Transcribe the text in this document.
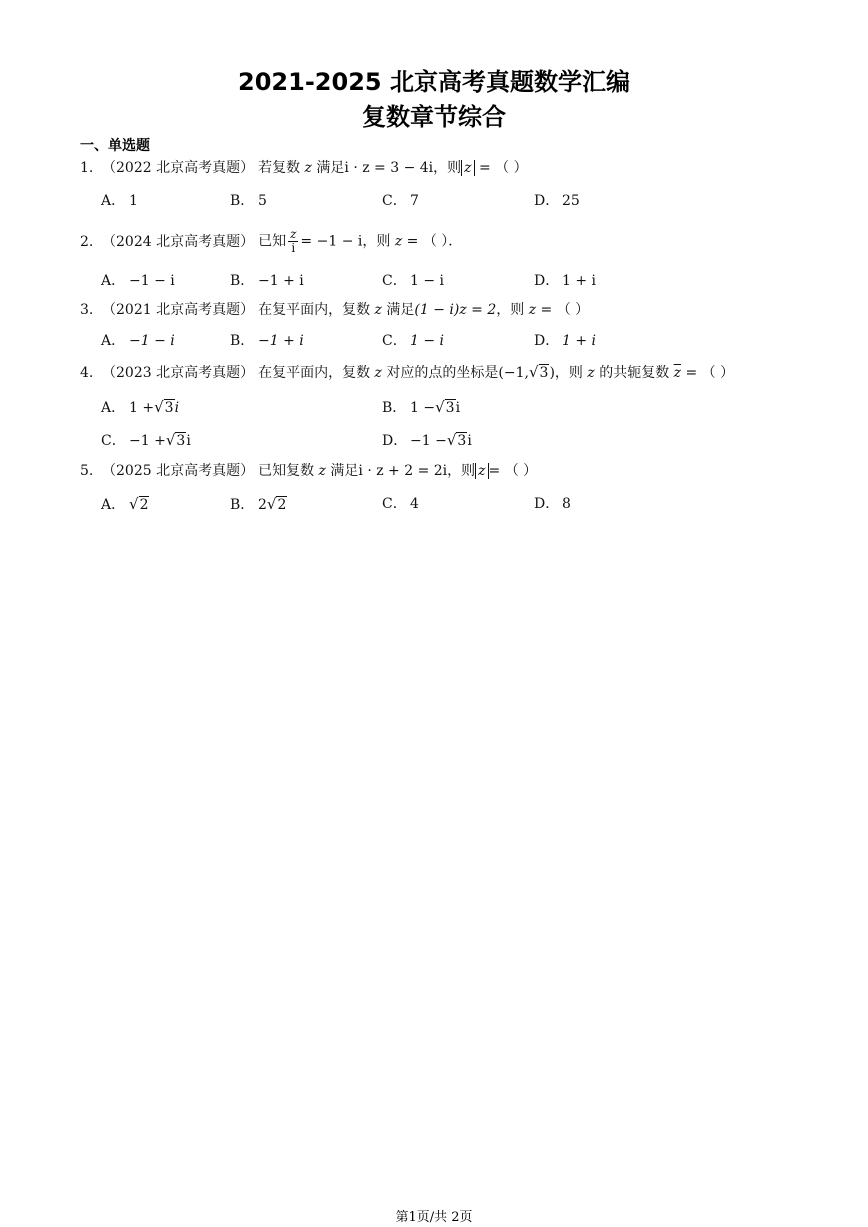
2021-2025 北京高考真题数学汇编
复数章节综合
一、单选题
1. （2022 北京高考真题） 若复数 z 满足i · z = 3 − 4i，则 z = （ ）
A． 1	B． 5	C． 7	D． 25
2. （2024 北京高考真题） 已知 $\frac{z}{i} = -1 - i$，则 z = （ ）．
A． −1 − i	B． −1 + i	C． 1 − i	D． 1 + i
3. （2021 北京高考真题） 在复平面内，复数 z 满足(1 − i)z = 2，则 z = （ ）
A． −1 − i	B． −1 + i	C． 1 − i	D． 1 + i
4. （2023 北京高考真题） 在复平面内，复数 z 对应的点的坐标是(−1,√3)，则 z 的共轭复数 $\overline{z}$ = （ ）
A． 1 +√3i	B． 1 −√3i
C． −1 +√3i	D． −1 −√3i
5. （2025 北京高考真题） 已知复数 z 满足i · z + 2 = 2i，则 z = （ ）
A． √2	B． 2√2	C． 4	D． 8
第1页/共 2页
